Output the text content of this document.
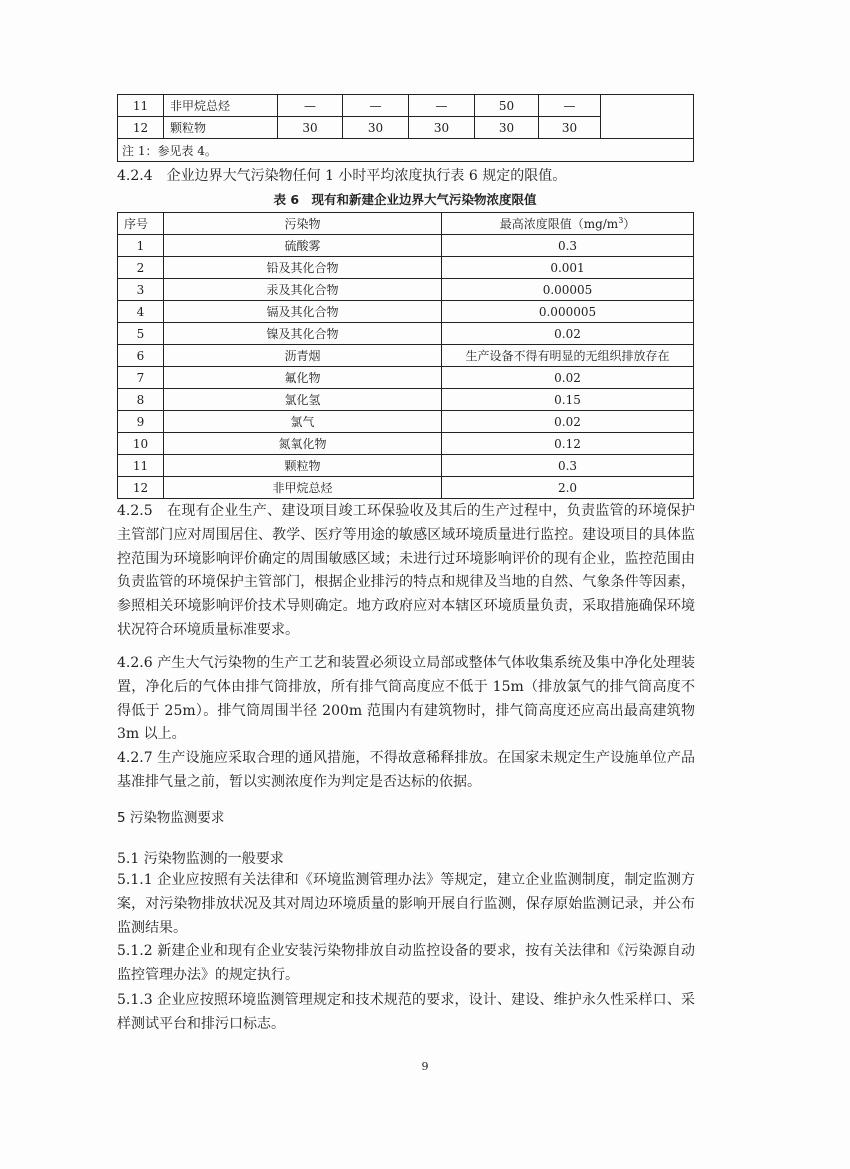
11	非甲烷总烃	—	—	—	50	—	
12	颗粒物	30	30	30	30	30	
注 1：参见表 4。							
4.2.4　企业边界大气污染物任何 1 小时平均浓度执行表 6 规定的限值。
表 6　现有和新建企业边界大气污染物浓度限值
序号	污染物	最高浓度限值$(mg/m^3)$
1	硫酸雾	0.3
2	铅及其化合物	0.001
3	汞及其化合物	0.00005
4	镉及其化合物	0.000005
5	镍及其化合物	0.02
6	沥青烟	生产设备不得有明显的无组织排放存在
7	氟化物	0.02
8	氯化氢	0.15
9	氯气	0.02
10	氮氧化物	0.12
11	颗粒物	0.3
12	非甲烷总烃	2.0
4.2.5　在现有企业生产、建设项目竣工环保验收及其后的生产过程中，负责监管的环境保护主管部门应对周围居住、教学、医疗等用途的敏感区域环境质量进行监控。建设项目的具体监控范围为环境影响评价确定的周围敏感区域；未进行过环境影响评价的现有企业，监控范围由负责监管的环境保护主管部门，根据企业排污的特点和规律及当地的自然、气象条件等因素，参照相关环境影响评价技术导则确定。地方政府应对本辖区环境质量负责，采取措施确保环境状况符合环境质量标准要求。
4.2.6 产生大气污染物的生产工艺和装置必须设立局部或整体气体收集系统及集中净化处理装置，净化后的气体由排气筒排放，所有排气筒高度应不低于 15m（排放氯气的排气筒高度不得低于 25m）。排气筒周围半径 200m 范围内有建筑物时，排气筒高度还应高出最高建筑物 3m 以上。
4.2.7 生产设施应采取合理的通风措施，不得故意稀释排放。在国家未规定生产设施单位产品基准排气量之前，暂以实测浓度作为判定是否达标的依据。
5 污染物监测要求
5.1 污染物监测的一般要求
5.1.1 企业应按照有关法律和《环境监测管理办法》等规定，建立企业监测制度，制定监测方案，对污染物排放状况及其对周边环境质量的影响开展自行监测，保存原始监测记录，并公布监测结果。
5.1.2 新建企业和现有企业安装污染物排放自动监控设备的要求，按有关法律和《污染源自动监控管理办法》的规定执行。
5.1.3 企业应按照环境监测管理规定和技术规范的要求，设计、建设、维护永久性采样口、采样测试平台和排污口标志。
9
